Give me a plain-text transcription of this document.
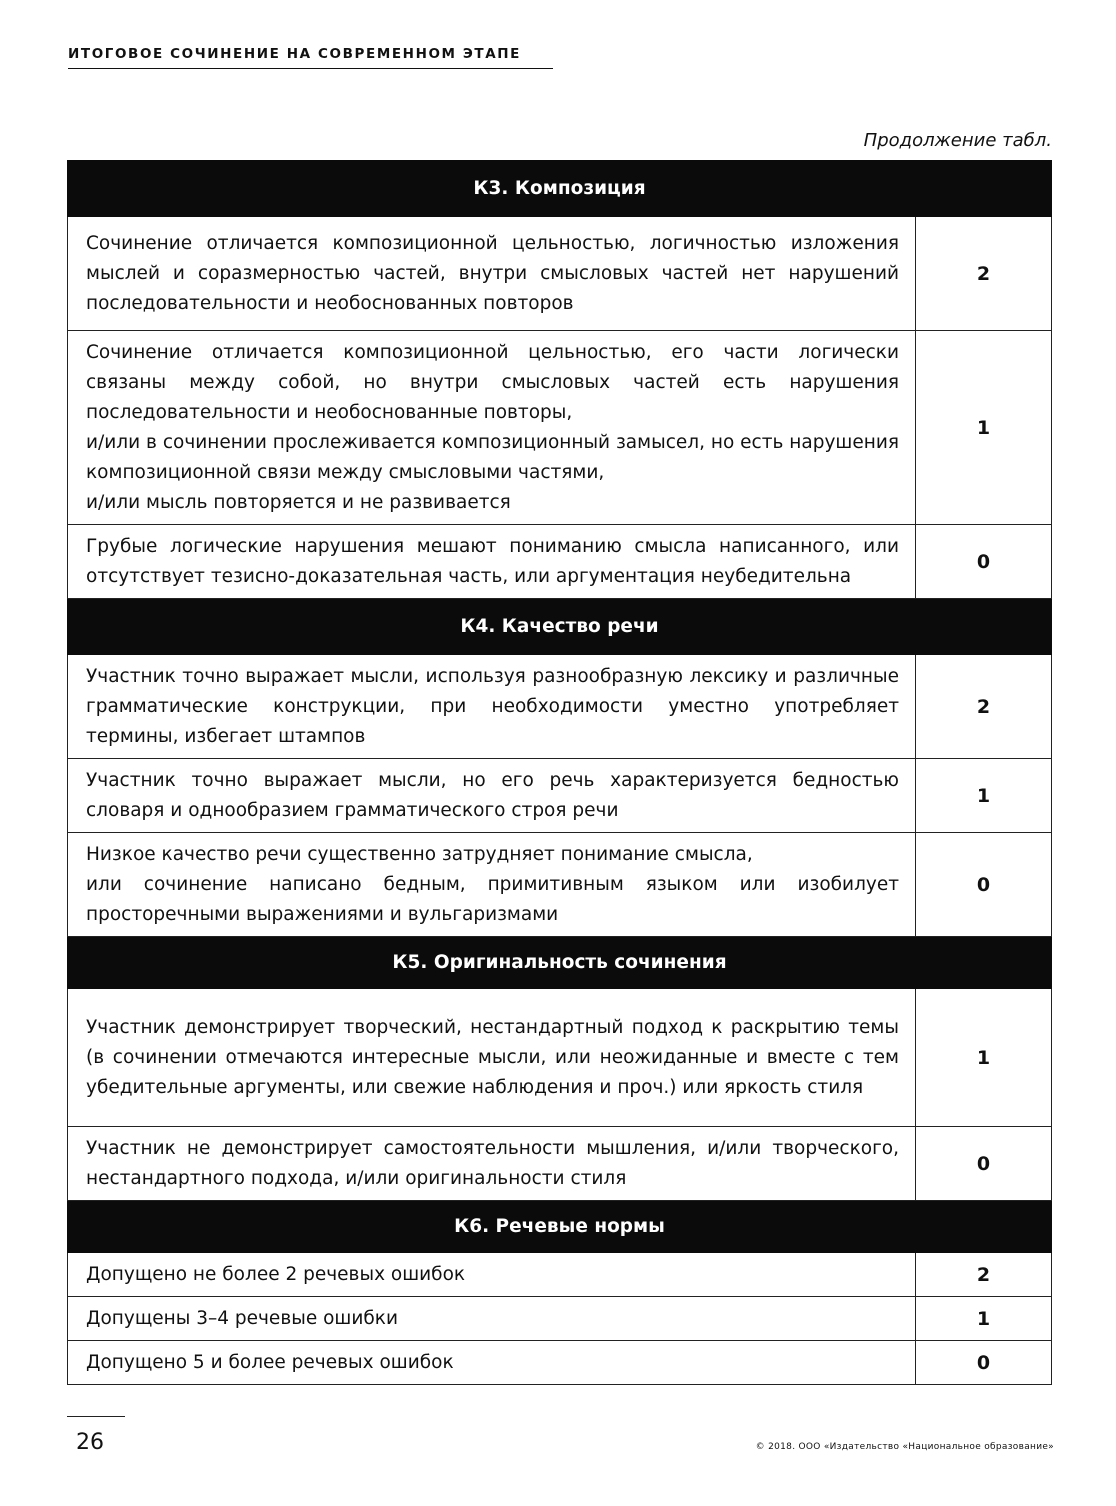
ИТОГОВОЕ СОЧИНЕНИЕ НА СОВРЕМЕННОМ ЭТАПЕ
Продолжение табл.
К3. Композиция	
Сочинение отличается композиционной цельностью, логичностью изложения мыслей и соразмерностью частей, внутри смысловых частей нет нарушений последовательности и необоснованных повторов	2
Сочинение отличается композиционной цельностью, его части логически связаны между собой, но внутри смысловых частей есть нарушения последовательности и необоснованные повторы,
и/или в сочинении прослеживается композиционный замысел, но есть нарушения композиционной связи между смысловыми частями,
и/или мысль повторяется и не развивается	1
Грубые логические нарушения мешают пониманию смысла написанного, или отсутствует тезисно-доказательная часть, или аргументация неубедительна	0
К4. Качество речи	
Участник точно выражает мысли, используя разнообразную лексику и различные грамматические конструкции, при необходимости уместно употребляет термины, избегает штампов	2
Участник точно выражает мысли, но его речь характеризуется бедностью словаря и однообразием грамматического строя речи	1
Низкое качество речи существенно затрудняет понимание смысла,
или сочинение написано бедным, примитивным языком или изобилует просторечными выражениями и вульгаризмами	0
К5. Оригинальность сочинения	
Участник демонстрирует творческий, нестандартный подход к раскрытию темы (в сочинении отмечаются интересные мысли, или неожиданные и вместе с тем убедительные аргументы, или свежие наблюдения и проч.) или яркость стиля	1
Участник не демонстрирует самостоятельности мышления, и/или творческого, нестандартного подхода, и/или оригинальности стиля	0
К6. Речевые нормы	
Допущено не более 2 речевых ошибок	2
Допущены 3–4 речевые ошибки	1
Допущено 5 и более речевых ошибок	0
26	© 2018. ООО «Издательство «Национальное образование»
